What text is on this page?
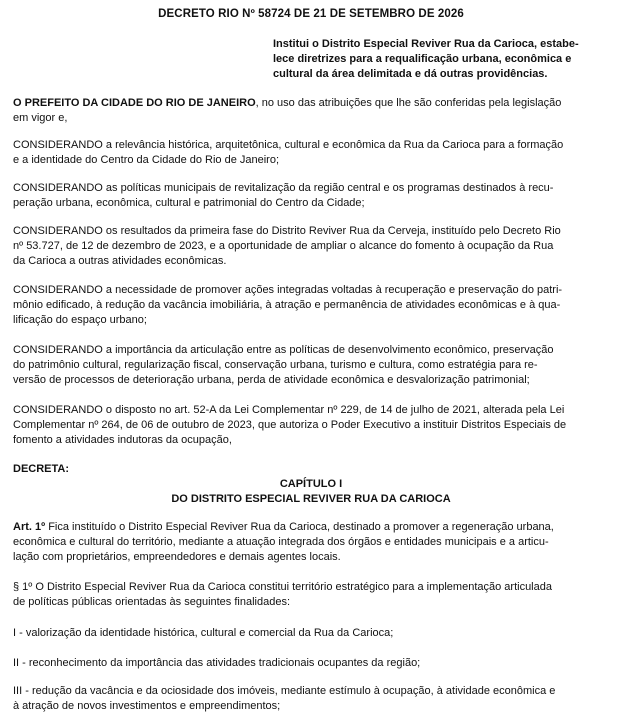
DECRETO RIO Nº 58724 DE 21 DE SETEMBRO DE 2026
Institui o Distrito Especial Reviver Rua da Carioca, estabe-
lece diretrizes para a requalificação urbana, econômica e
cultural da área delimitada e dá outras providências.
O PREFEITO DA CIDADE DO RIO DE JANEIRO, no uso das atribuições que lhe são conferidas pela legislação
em vigor e,
CONSIDERANDO a relevância histórica, arquitetônica, cultural e econômica da Rua da Carioca para a formação
e a identidade do Centro da Cidade do Rio de Janeiro;
CONSIDERANDO as políticas municipais de revitalização da região central e os programas destinados à recu-
peração urbana, econômica, cultural e patrimonial do Centro da Cidade;
CONSIDERANDO os resultados da primeira fase do Distrito Reviver Rua da Cerveja, instituído pelo Decreto Rio
nº 53.727, de 12 de dezembro de 2023, e a oportunidade de ampliar o alcance do fomento à ocupação da Rua
da Carioca a outras atividades econômicas.
CONSIDERANDO a necessidade de promover ações integradas voltadas à recuperação e preservação do patri-
mônio edificado, à redução da vacância imobiliária, à atração e permanência de atividades econômicas e à qua-
lificação do espaço urbano;
CONSIDERANDO a importância da articulação entre as políticas de desenvolvimento econômico, preservação
do patrimônio cultural, regularização fiscal, conservação urbana, turismo e cultura, como estratégia para re-
versão de processos de deterioração urbana, perda de atividade econômica e desvalorização patrimonial;
CONSIDERANDO o disposto no art. 52-A da Lei Complementar nº 229, de 14 de julho de 2021, alterada pela Lei
Complementar nº 264, de 06 de outubro de 2023, que autoriza o Poder Executivo a instituir Distritos Especiais de
fomento a atividades indutoras da ocupação,
DECRETA:
CAPÍTULO I
DO DISTRITO ESPECIAL REVIVER RUA DA CARIOCA
Art. 1º Fica instituído o Distrito Especial Reviver Rua da Carioca, destinado a promover a regeneração urbana,
econômica e cultural do território, mediante a atuação integrada dos órgãos e entidades municipais e a articu-
lação com proprietários, empreendedores e demais agentes locais.
§ 1º O Distrito Especial Reviver Rua da Carioca constitui território estratégico para a implementação articulada
de políticas públicas orientadas às seguintes finalidades:
I - valorização da identidade histórica, cultural e comercial da Rua da Carioca;
II - reconhecimento da importância das atividades tradicionais ocupantes da região;
III - redução da vacância e da ociosidade dos imóveis, mediante estímulo à ocupação, à atividade econômica e
à atração de novos investimentos e empreendimentos;
